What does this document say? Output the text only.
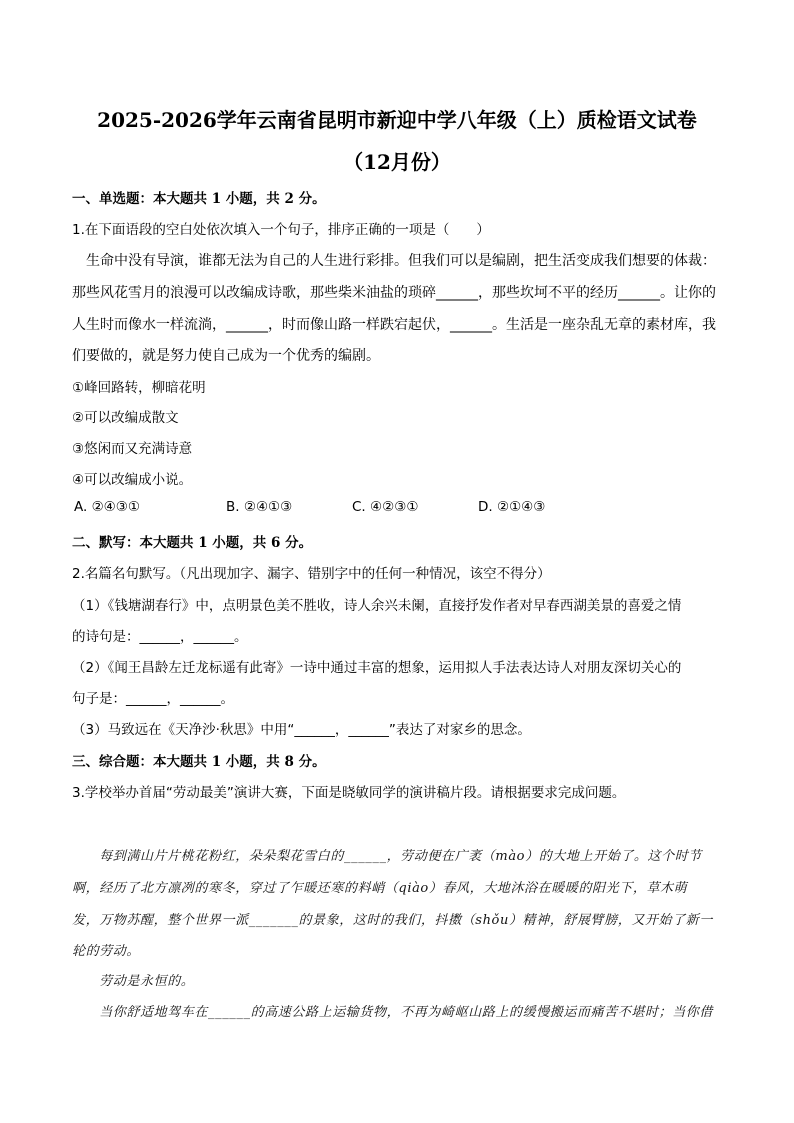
2025-2026学年云南省昆明市新迎中学八年级（上）质检语文试卷
（12月份）
一、单选题：本大题共 1 小题，共 2 分。
1.在下面语段的空白处依次填入一个句子，排序正确的一项是（　　）
　生命中没有导演，谁都无法为自己的人生进行彩排。但我们可以是编剧，把生活变成我们想要的体裁：
那些风花雪月的浪漫可以改编成诗歌，那些柴米油盐的琐碎______，那些坎坷不平的经历______。让你的
人生时而像水一样流淌，______，时而像山路一样跌宕起伏，______。生活是一座杂乱无章的素材库，我
们要做的，就是努力使自己成为一个优秀的编剧。
①峰回路转，柳暗花明
②可以改编成散文
③悠闲而又充满诗意
④可以改编成小说。
A. ②④③①	B. ②④①③	C. ④②③①	D. ②①④③
二、默写：本大题共 1 小题，共 6 分。
2.名篇名句默写。（凡出现加字、漏字、错别字中的任何一种情况，该空不得分）
（1）《钱塘湖春行》中，点明景色美不胜收，诗人余兴未阑，直接抒发作者对早春西湖美景的喜爱之情
的诗句是：______，______。
（2）《闻王昌龄左迁龙标遥有此寄》一诗中通过丰富的想象，运用拟人手法表达诗人对朋友深切关心的
句子是：______，______。
（3）马致远在《天净沙·秋思》中用“______，______”表达了对家乡的思念。
三、综合题：本大题共 1 小题，共 8 分。
3.学校举办首届“劳动最美”演讲大赛，下面是晓敏同学的演讲稿片段。请根据要求完成问题。
　　每到满山片片桃花粉红，朵朵梨花雪白的______，劳动便在广袤（mào）的大地上开始了。这个时节
啊，经历了北方凛冽的寒冬，穿过了乍暖还寒的料峭（qiào）春风，大地沐浴在暖暖的阳光下，草木萌
发，万物苏醒，整个世界一派_______的景象，这时的我们，抖擞（shǒu）精神，舒展臂膀，又开始了新一
轮的劳动。
　　劳动是永恒的。
　　当你舒适地驾车在______的高速公路上运输货物，不再为崎岖山路上的缓慢搬运而痛苦不堪时；当你借
